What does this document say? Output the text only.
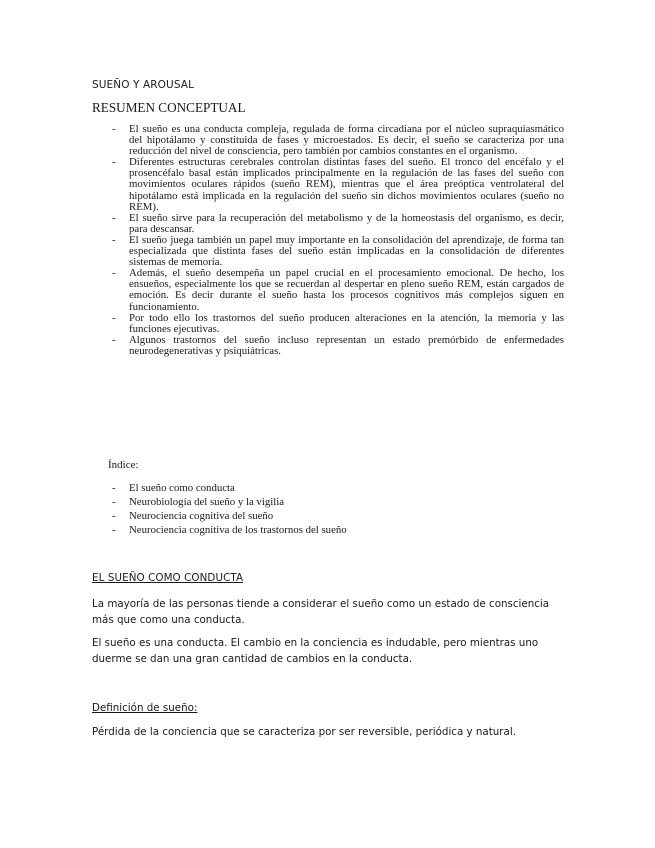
SUEÑO Y AROUSAL
RESUMEN CONCEPTUAL
- El sueño es una conducta compleja, regulada de forma circadiana por el núcleo supraquiasmático del hipotálamo y constituida de fases y microestados. Es decir, el sueño se caracteriza por una reducción del nivel de consciencia, pero también por cambios constantes en el organismo.
- Diferentes estructuras cerebrales controlan distintas fases del sueño. El tronco del encéfalo y el prosencéfalo basal están implicados principalmente en la regulación de las fases del sueño con movimientos oculares rápidos (sueño REM), mientras que el área preóptica ventrolateral del hipotálamo está implicada en la regulación del sueño sin dichos movimientos oculares (sueño no REM).
- El sueño sirve para la recuperación del metabolismo y de la homeostasis del organismo, es decir, para descansar.
- El sueño juega también un papel muy importante en la consolidación del aprendizaje, de forma tan especializada que distinta fases del sueño están implicadas en la consolidación de diferentes sistemas de memoria.
- Además, el sueño desempeña un papel crucial en el procesamiento emocional. De hecho, los ensueños, especialmente los que se recuerdan al despertar en pleno sueño REM, están cargados de emoción. Es decir durante el sueño hasta los procesos cognitivos más complejos siguen en funcionamiento.
- Por todo ello los trastornos del sueño producen alteraciones en la atención, la memoria y las funciones ejecutivas.
- Algunos trastornos del sueño incluso representan un estado premórbido de enfermedades neurodegenerativas y psiquiátricas.
Índice:
- El sueño como conducta
- Neurobiología del sueño y la vigilia
- Neurociencia cognitiva del sueño
- Neurociencia cognitiva de los trastornos del sueño
EL SUEÑO COMO CONDUCTA

La mayoría de las personas tiende a considerar el sueño como un estado de consciencia más que como una conducta.

El sueño es una conducta. El cambio en la conciencia es indudable, pero mientras uno duerme se dan una gran cantidad de cambios en la conducta.

Definición de sueño:

Pérdida de la conciencia que se caracteriza por ser reversible, periódica y natural.
